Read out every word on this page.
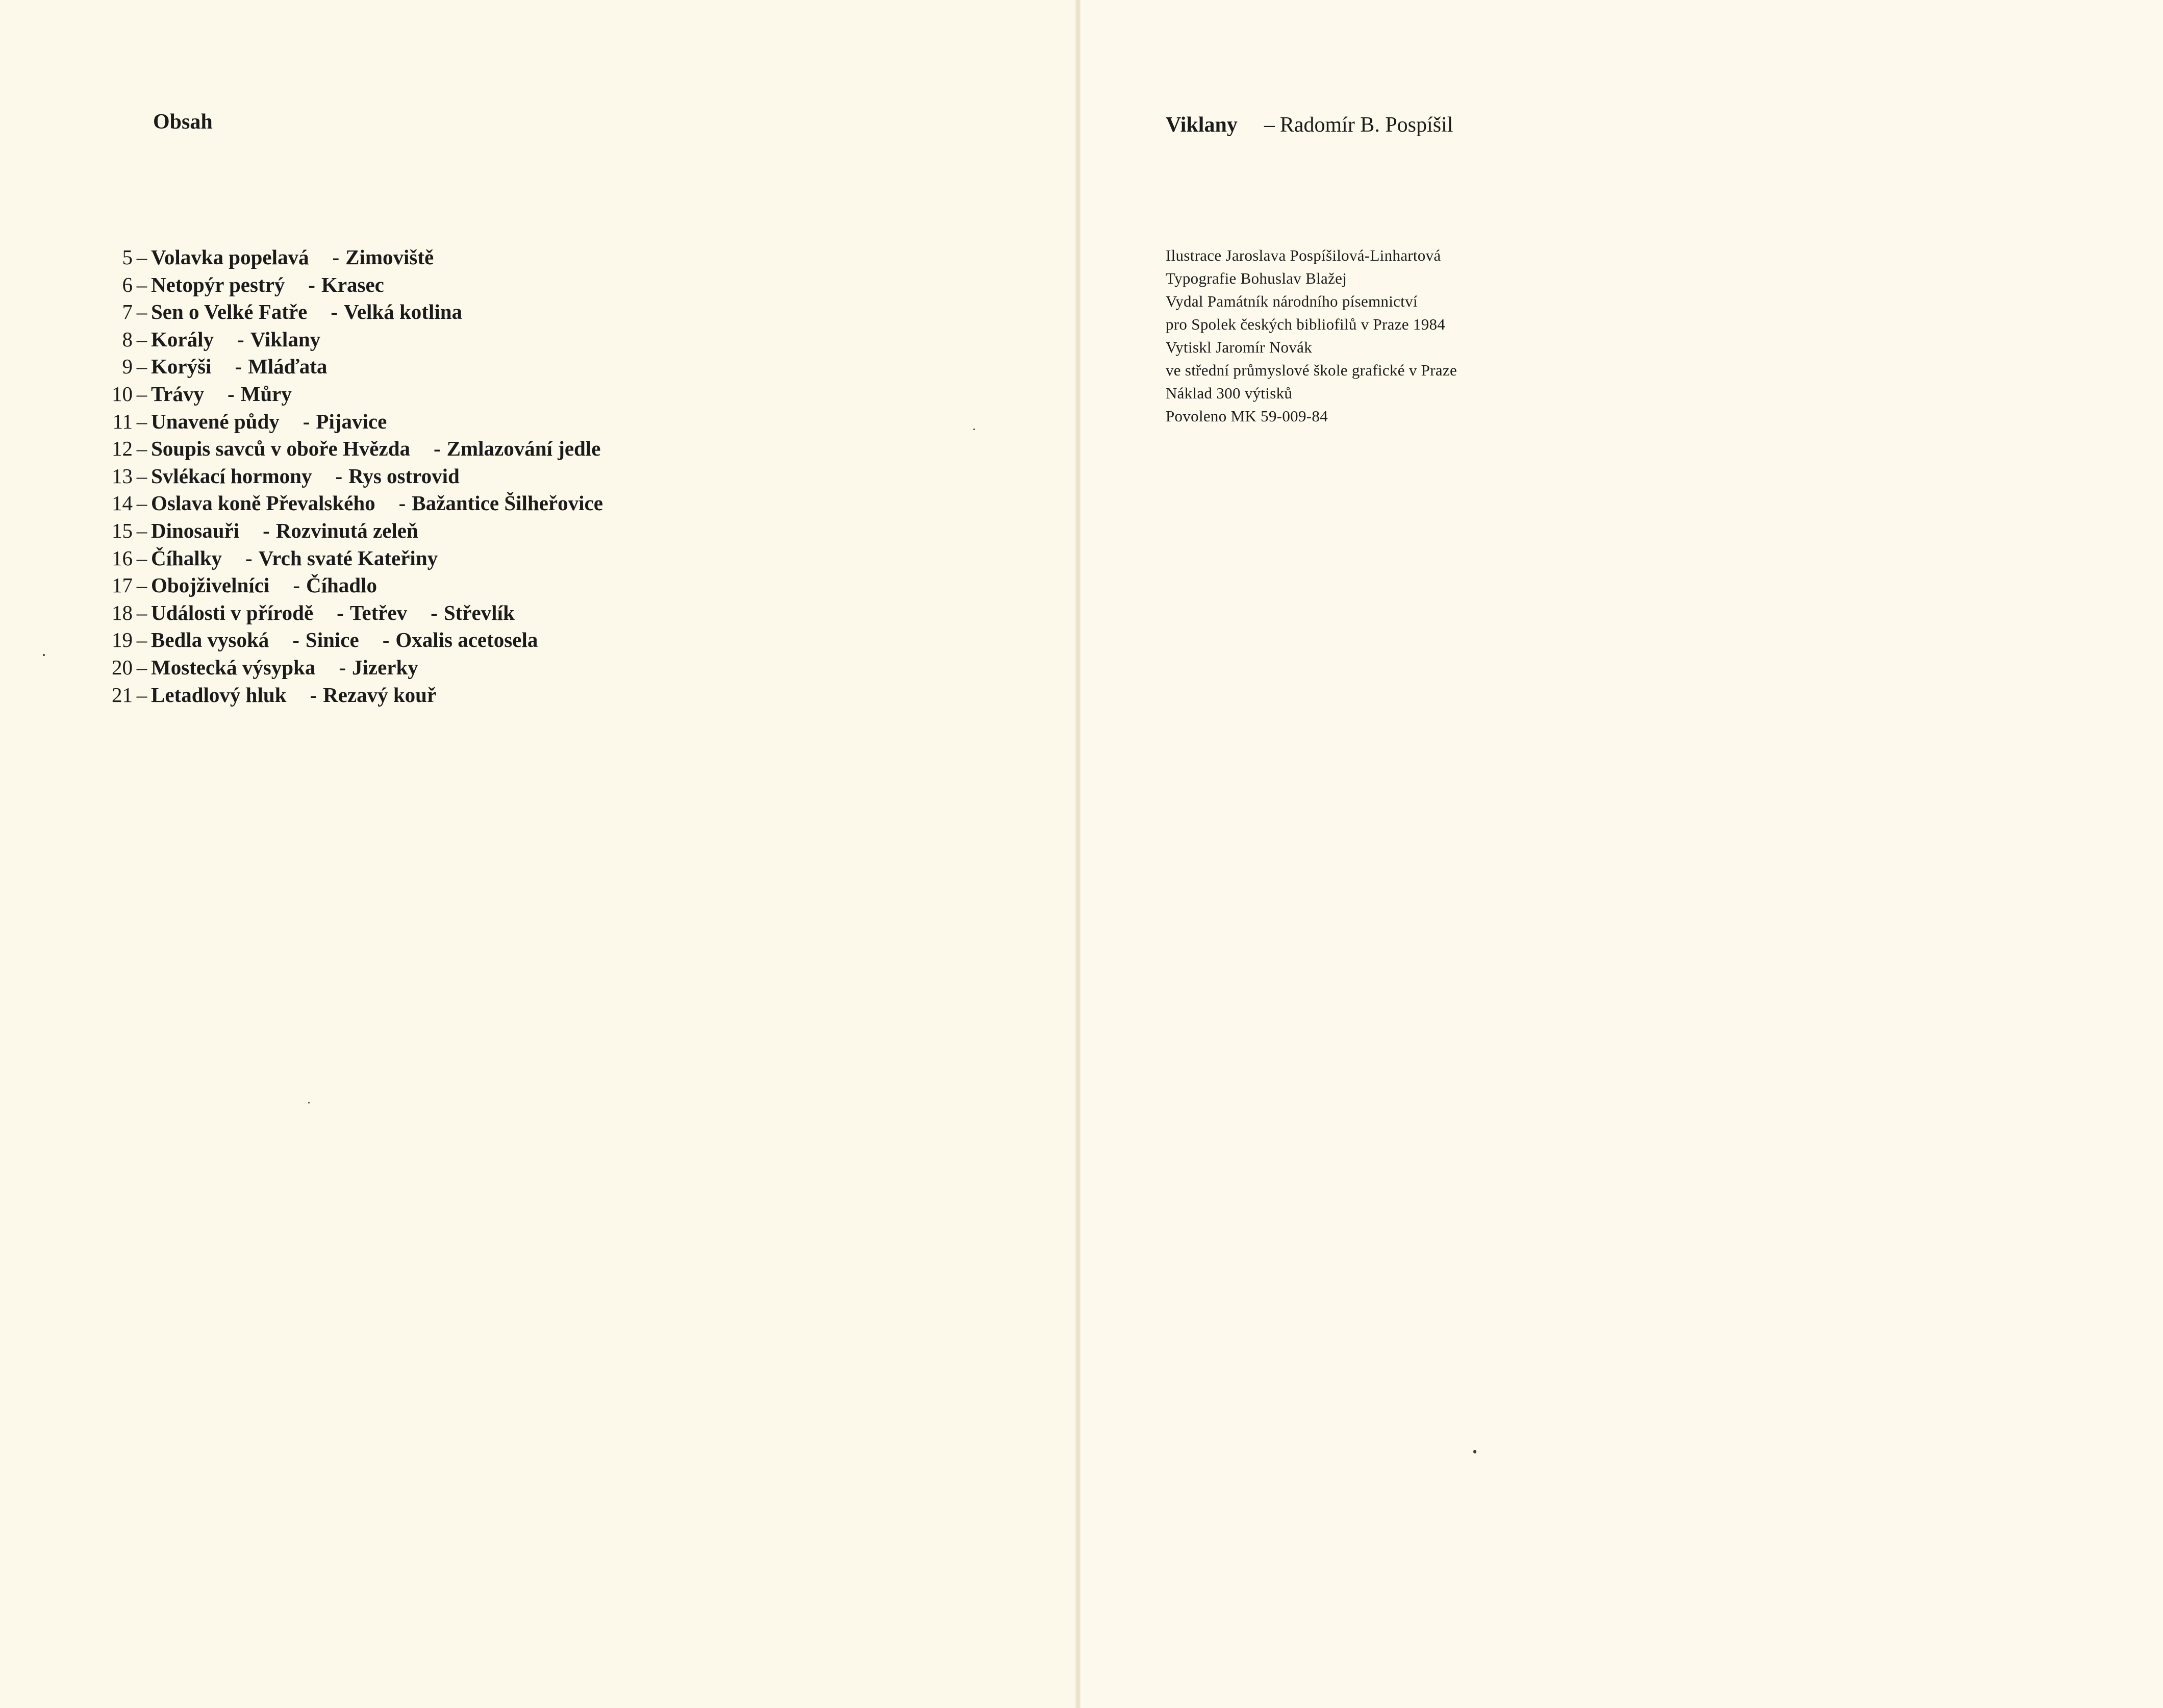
Obsah
5 – Volavka popelavá - Zimoviště
6 – Netopýr pestrý - Krasec
7 – Sen o Velké Fatře - Velká kotlina
8 – Korály - Viklany
9 – Korýši - Mláďata
10 – Trávy - Můry
11 – Unavené půdy - Pijavice
12 – Soupis savců v oboře Hvězda - Zmlazování jedle
13 – Svlékací hormony - Rys ostrovid
14 – Oslava koně Převalského - Bažantice Šilheřovice
15 – Dinosauři - Rozvinutá zeleň
16 – Číhalky - Vrch svaté Kateřiny
17 – Obojživelníci - Číhadlo
18 – Události v přírodě - Tetřev - Střevlík
19 – Bedla vysoká - Sinice - Oxalis acetosela
20 – Mostecká výsypka - Jizerky
21 – Letadlový hluk - Rezavý kouř
Viklany – Radomír B. Pospíšil
Ilustrace Jaroslava Pospíšilová-Linhartová
Typografie Bohuslav Blažej
Vydal Památník národního písemnictví
pro Spolek českých bibliofilů v Praze 1984
Vytiskl Jaromír Novák
ve střední průmyslové škole grafické v Praze
Náklad 300 výtisků
Povoleno MK 59-009-84
